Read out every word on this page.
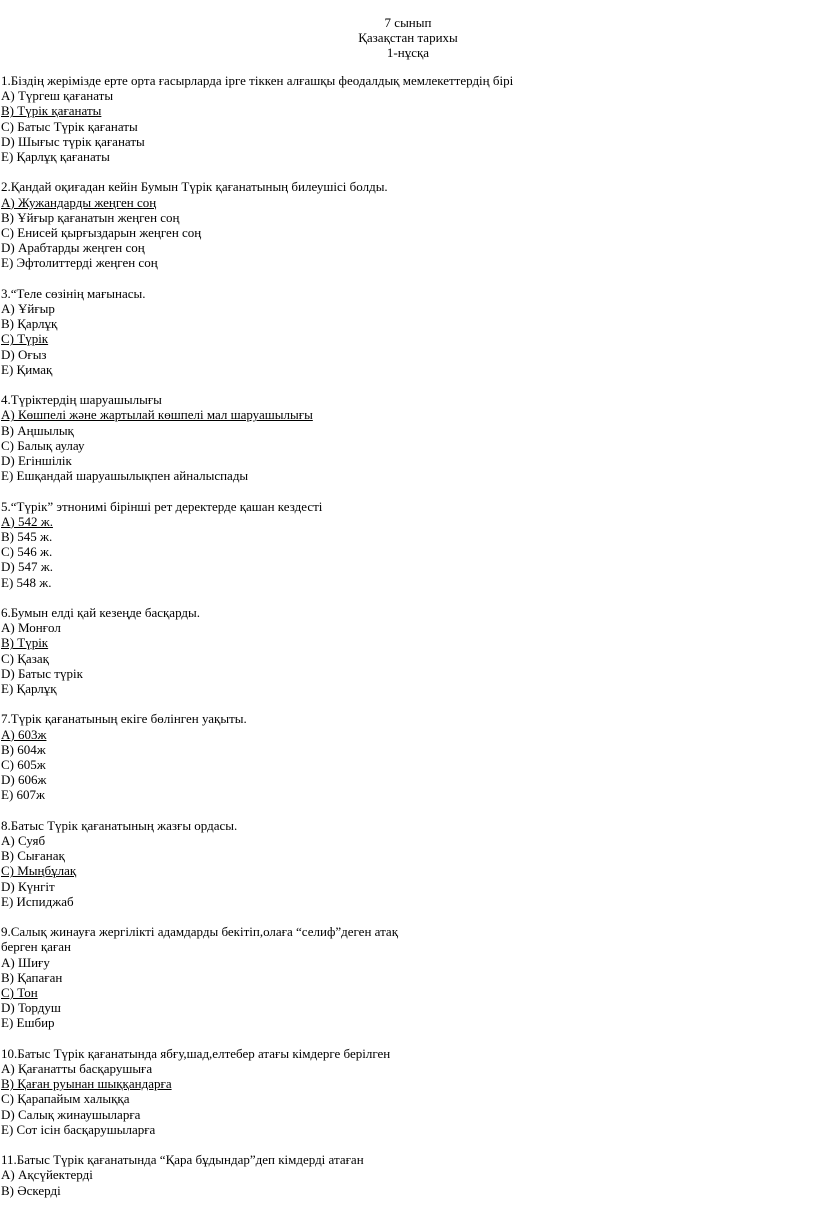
7 сынып
Қазақстан тарихы
1-нұсқа

1.Біздің жерімізде ерте орта ғасырларда ірге тіккен алғашқы феодалдық мемлекеттердің бірі

A) Түргеш қағанаты

B) Түрік қағанаты

C) Батыс Түрік қағанаты

D) Шығыс түрік қағанаты

E) Қарлұқ қағанаты

2.Қандай оқиғадан кейін Бумын Түрік қағанатының билеушісі болды.

A) Жужандарды жеңген соң

B) Ұйғыр қағанатын жеңген соң

C) Енисей қырғыздарын жеңген соң

D) Арабтарды жеңген соң

E) Эфтолиттерді жеңген соң

3.“Теле сөзінің мағынасы.

A) Ұйғыр

B) Қарлұқ

C) Түрік

D) Оғыз

E) Қимақ

4.Түріктердің шаруашылығы

A) Көшпелі және жартылай көшпелі мал шаруашылығы

B) Аңшылық

C) Балық аулау

D) Егіншілік

E) Ешқандай шаруашылықпен айналыспады

5.“Түрік” этнонимі бірінші рет деректерде қашан кездесті

A) 542 ж.

B) 545 ж.

C) 546 ж.

D) 547 ж.

E) 548 ж.

6.Бумын елді қай кезеңде басқарды.

A) Монғол

B) Түрік

C) Қазақ

D) Батыс түрік

E) Қарлұқ

7.Түрік қағанатының екіге бөлінген уақыты.

A) 603ж

B) 604ж

C) 605ж

D) 606ж

E) 607ж

8.Батыс Түрік қағанатының жазғы ордасы.

A) Суяб

B) Сығанақ

C) Мыңбұлақ

D) Күнгіт

E) Испиджаб

9.Салық жинауға жергілікті адамдарды бекітіп,олаға “селиф”деген атақ

берген қаған

A) Шиғу

B) Қапаған

C) Тон

D) Тордуш

E) Ешбир

10.Батыс Түрік қағанатында ябғу,шад,елтебер атағы кімдерге берілген

A) Қағанатты басқарушыға

B) Қаған руынан шыққандарға

C) Қарапайым халыққа

D) Салық жинаушыларға

E) Сот ісін басқарушыларға

11.Батыс Түрік қағанатында “Қара бұдындар”деп кімдерді атаған

A) Ақсүйектерді

B) Әскерді
